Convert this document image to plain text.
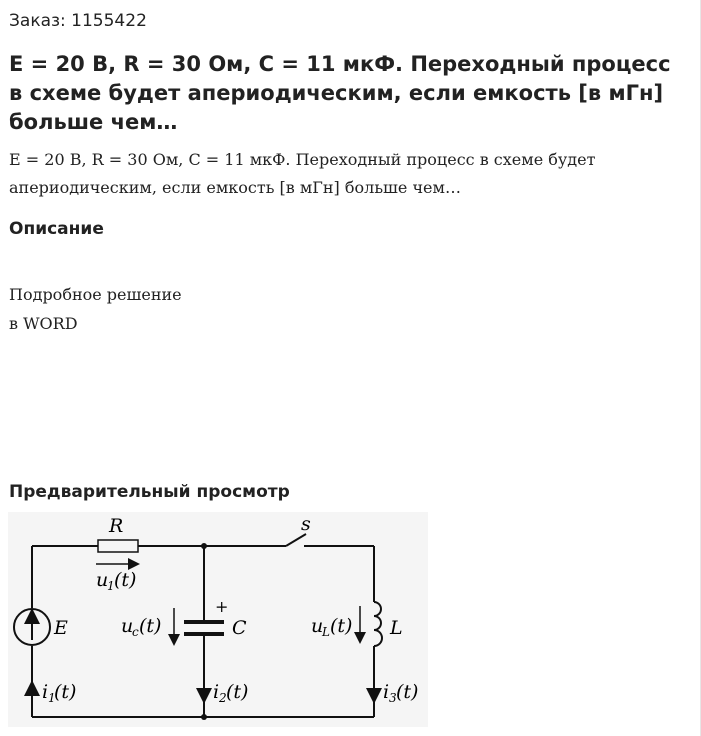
Заказ: 1155422
E = 20 В, R = 30 Ом, C = 11 мкФ. Переходный процесс в схеме будет апериодическим, если емкость [в мГн] больше чем…
E = 20 В, R = 30 Ом, C = 11 мкФ. Переходный процесс в схеме будет апериодическим, если емкость [в мГн] больше чем…
Описание
Подробное решение
в WORD
Предварительный просмотр
R	s
E	C
+
L
u
1 (t)
u
c (t)	u
L (t)
i 1
(t)	i 2 (t)	i 3 (t)
